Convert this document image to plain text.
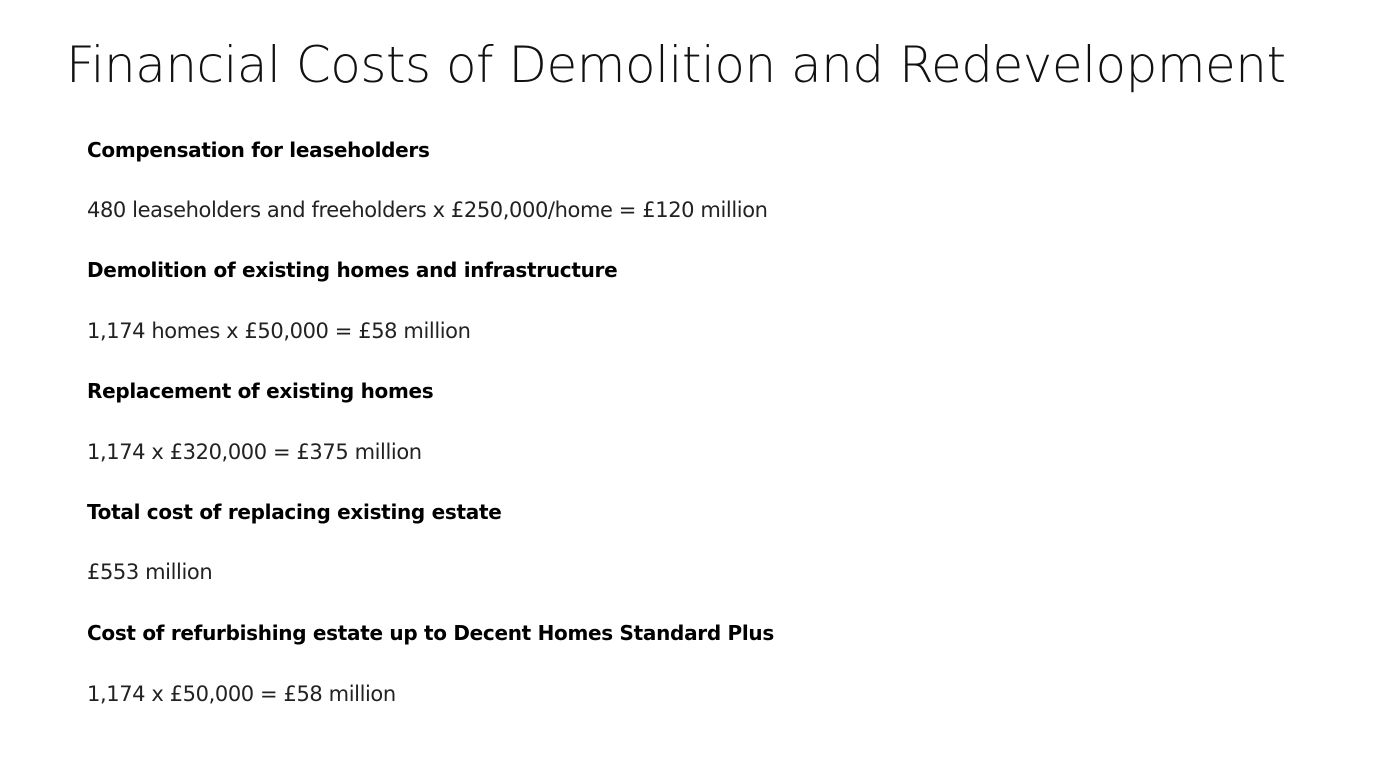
Financial Costs of Demolition and Redevelopment

Compensation for leaseholders

480 leaseholders and freeholders x £250,000/home = £120 million

Demolition of existing homes and infrastructure

1,174 homes x £50,000 = £58 million

Replacement of existing homes

1,174 x £320,000 = £375 million

Total cost of replacing existing estate

£553 million

Cost of refurbishing estate up to Decent Homes Standard Plus

1,174 x £50,000 = £58 million
